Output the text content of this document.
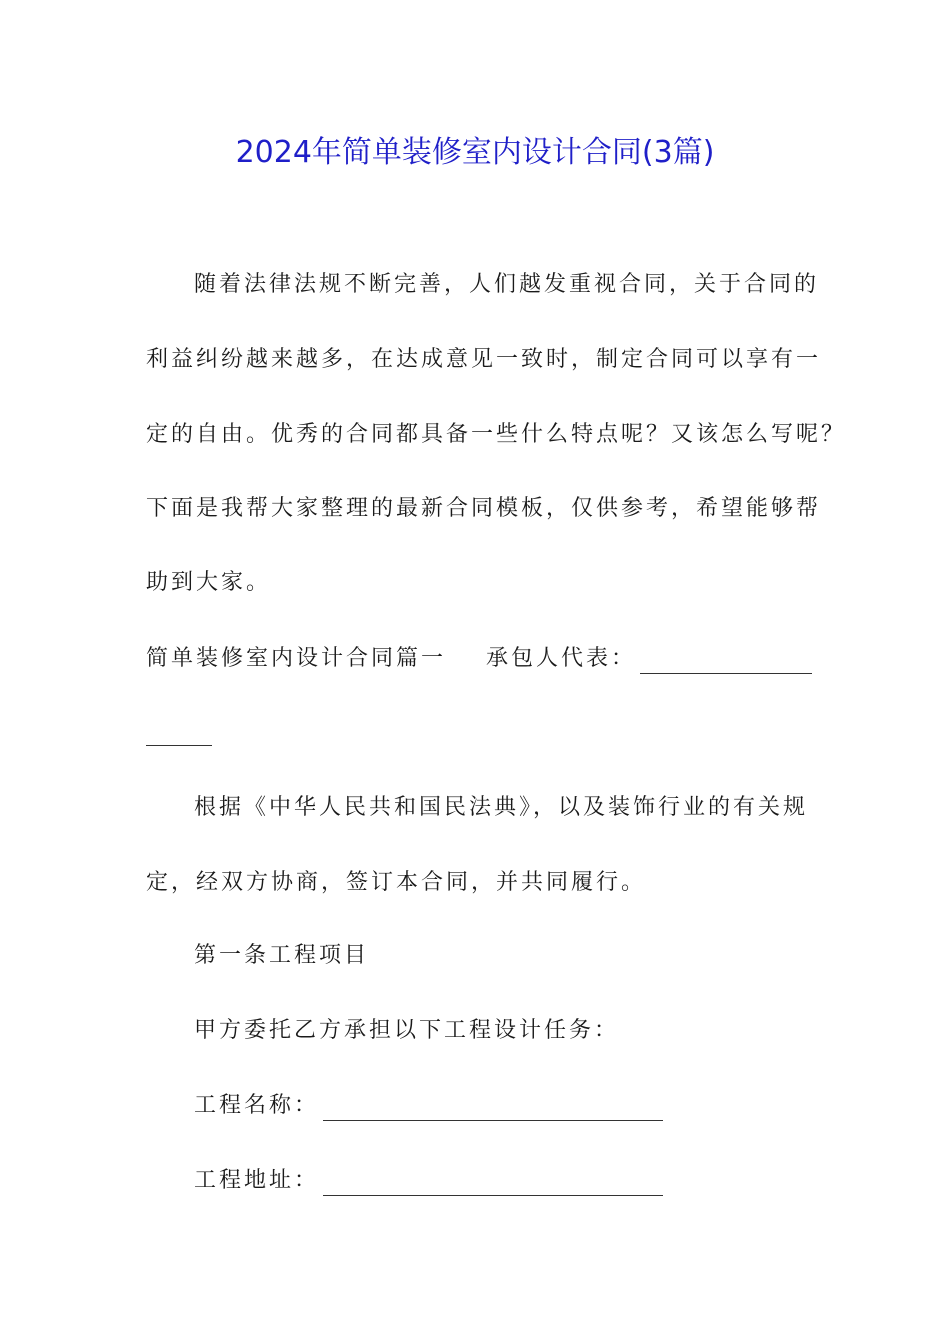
2024年简单装修室内设计合同(3篇)
随着法律法规不断完善，人们越发重视合同，关于合同的
利益纠纷越来越多，在达成意见一致时，制定合同可以享有一
定的自由。优秀的合同都具备一些什么特点呢？又该怎么写呢？
下面是我帮大家整理的最新合同模板，仅供参考，希望能够帮
助到大家。
简单装修室内设计合同篇一 承包人代表：
根据《中华人民共和国民法典》，以及装饰行业的有关规
定，经双方协商，签订本合同，并共同履行。
第一条工程项目
甲方委托乙方承担以下工程设计任务：
工程名称：
工程地址：
